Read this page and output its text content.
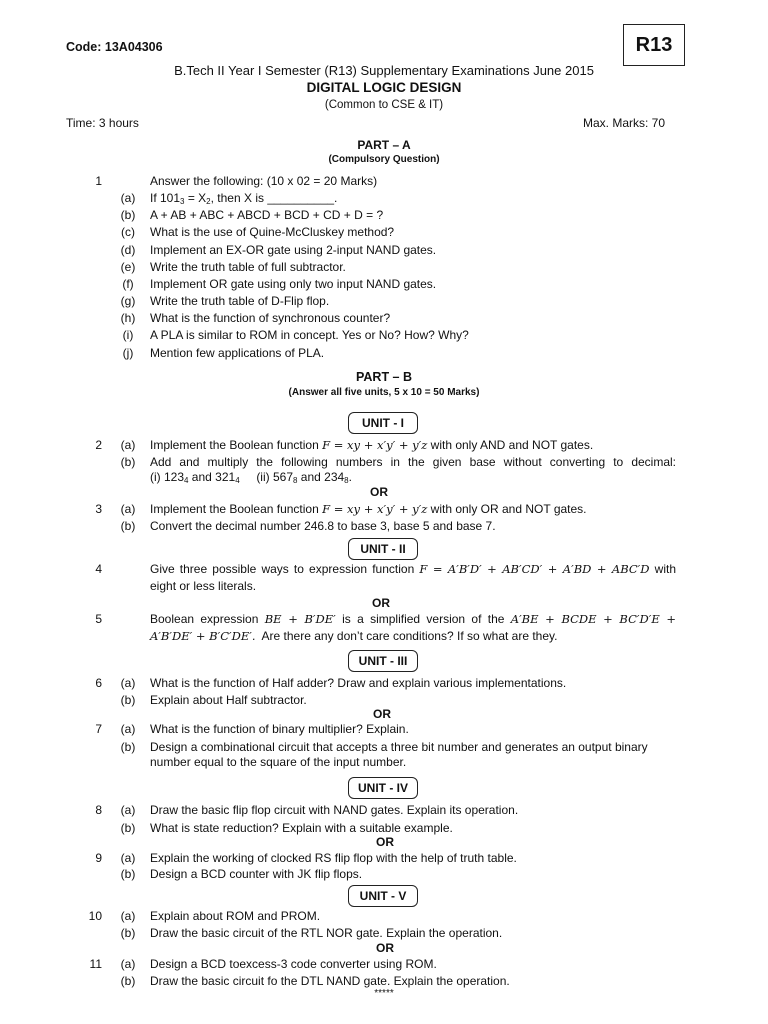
Code: 13A04306	R13
B.Tech II Year I Semester (R13) Supplementary Examinations June 2015
DIGITAL LOGIC DESIGN
(Common to CSE & IT)
Time: 3 hours	Max. Marks: 70
PART – A
(Compulsory Question)
1	Answer the following: (10 x 02 = 20 Marks)
(a)	If $101_3 = X_2$, then X is __________.
(b)	A + AB + ABC + ABCD + BCD + CD + D = ?
(c)	What is the use of Quine-McCluskey method?
(d)	Implement an EX-OR gate using 2-input NAND gates.
(e)	Write the truth table of full subtractor.
(f)	Implement OR gate using only two input NAND gates.
(g)	Write the truth table of D-Flip flop.
(h)	What is the function of synchronous counter?
(i)	A PLA is similar to ROM in concept. Yes or No? How? Why?
(j)	Mention few applications of PLA.
PART – B
(Answer all five units, 5 x 10 = 50 Marks)
UNIT - I
2	(a)	Implement the Boolean function F = xy + x′y′ + y′z with only AND and NOT gates.
(b)	Add and multiply the following numbers in the given base without converting to decimal:
(i) $123_4$ and $321_4$ (ii) $567_8$ and $234_8$.
OR
3	(a)	Implement the Boolean function F = xy + x′y′ + y′z with only OR and NOT gates.
(b)	Convert the decimal number 246.8 to base 3, base 5 and base 7.
UNIT - II
4	Give three possible ways to expression function F = A′B′D′ + AB′CD′ + A′BD + ABC′D with
eight or less literals.
OR
5	Boolean expression BE + B′DE′ is a simplified version of the A′BE + BCDE + BC′D′E +
A′B′DE′ + B′C′DE′. Are there any don’t care conditions? If so what are they.
UNIT - III
6	(a)	What is the function of Half adder? Draw and explain various implementations.
(b)	Explain about Half subtractor.
OR
7	(a)	What is the function of binary multiplier? Explain.
(b)	Design a combinational circuit that accepts a three bit number and generates an output binary
number equal to the square of the input number.
UNIT - IV
8	(a)	Draw the basic flip flop circuit with NAND gates. Explain its operation.
(b)	What is state reduction? Explain with a suitable example.
OR
9	(a)	Explain the working of clocked RS flip flop with the help of truth table.
(b)	Design a BCD counter with JK flip flops.
UNIT - V
10	(a)	Explain about ROM and PROM.
(b)	Draw the basic circuit of the RTL NOR gate. Explain the operation.
OR
11	(a)	Design a BCD toexcess-3 code converter using ROM.
(b)	Draw the basic circuit fo the DTL NAND gate. Explain the operation.
*****
